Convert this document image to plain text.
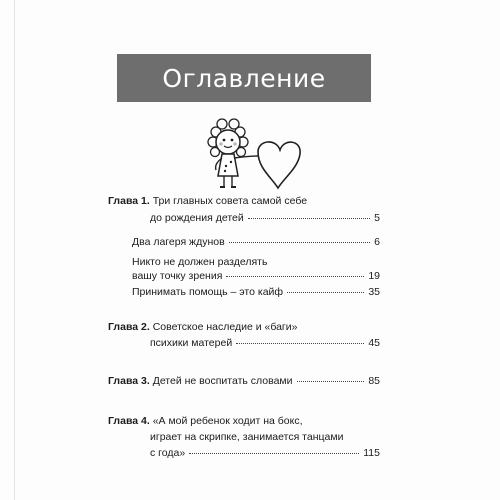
Оглавление
Глава 1. Три главных совета самой себе
до рождения детей	5
Два лагеря ждунов	6
Никто не должен разделять
вашу точку зрения	19
Принимать помощь – это кайф	35
Глава 2. Советское наследие и «баги»
психики матерей	45
Глава 3. Детей не воспитать словами	85
Глава 4. «А мой ребенок ходит на бокс,
играет на скрипке, занимается танцами
с года»	115
